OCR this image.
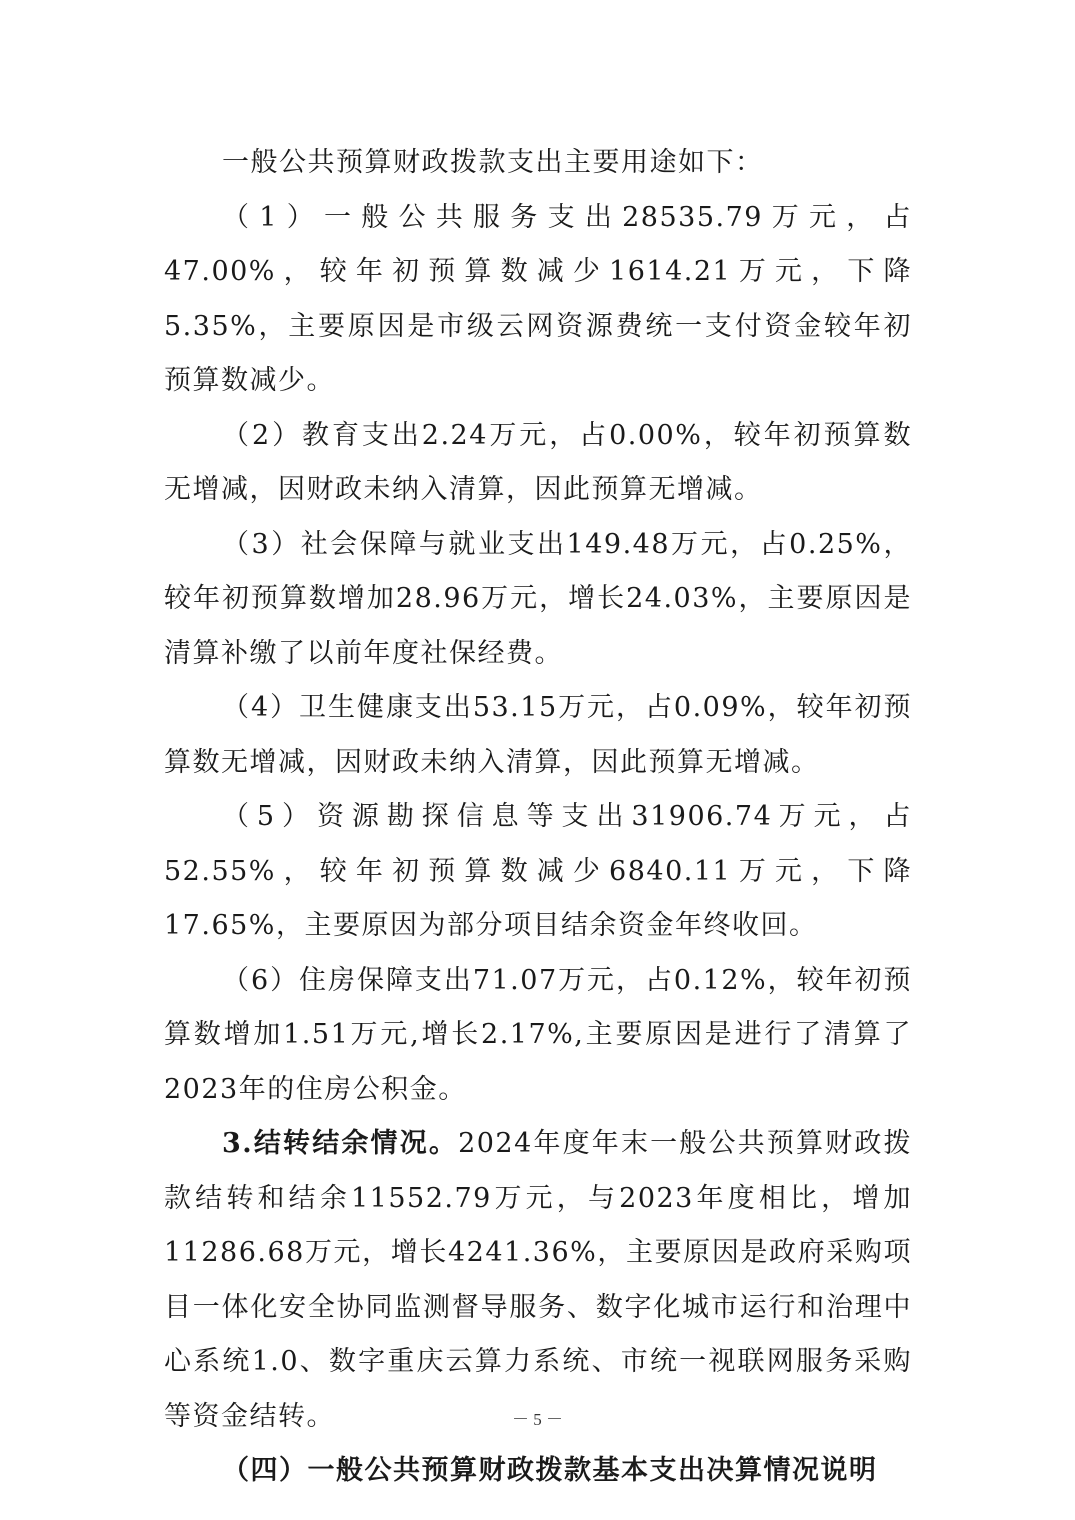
一般公共预算财政拨款支出主要用途如下：

（1）一般公共服务支出28535.79万元，占47.00%，较年初预算数减少1614.21万元，下降5.35%，主要原因是市级云网资源费统一支付资金较年初预算数减少。

（2）教育支出2.24万元，占0.00%，较年初预算数无增减，因财政未纳入清算，因此预算无增减。

（3）社会保障与就业支出149.48万元，占0.25%，较年初预算数增加28.96万元，增长24.03%，主要原因是清算补缴了以前年度社保经费。

（4）卫生健康支出53.15万元，占0.09%，较年初预算数无增减，因财政未纳入清算，因此预算无增减。

（5）资源勘探信息等支出31906.74万元，占52.55%，较年初预算数减少6840.11万元，下降17.65%，主要原因为部分项目结余资金年终收回。

（6）住房保障支出71.07万元，占0.12%，较年初预算数增加1.51万元,增长2.17%,主要原因是进行了清算了2023年的住房公积金。

3.结转结余情况。2024年度年末一般公共预算财政拨款结转和结余11552.79万元，与2023年度相比，增加11286.68万元，增长4241.36%，主要原因是政府采购项目一体化安全协同监测督导服务、数字化城市运行和治理中心系统1.0、数字重庆云算力系统、市统一视联网服务采购等资金结转。

（四）一般公共预算财政拨款基本支出决算情况说明

－ 5 －
